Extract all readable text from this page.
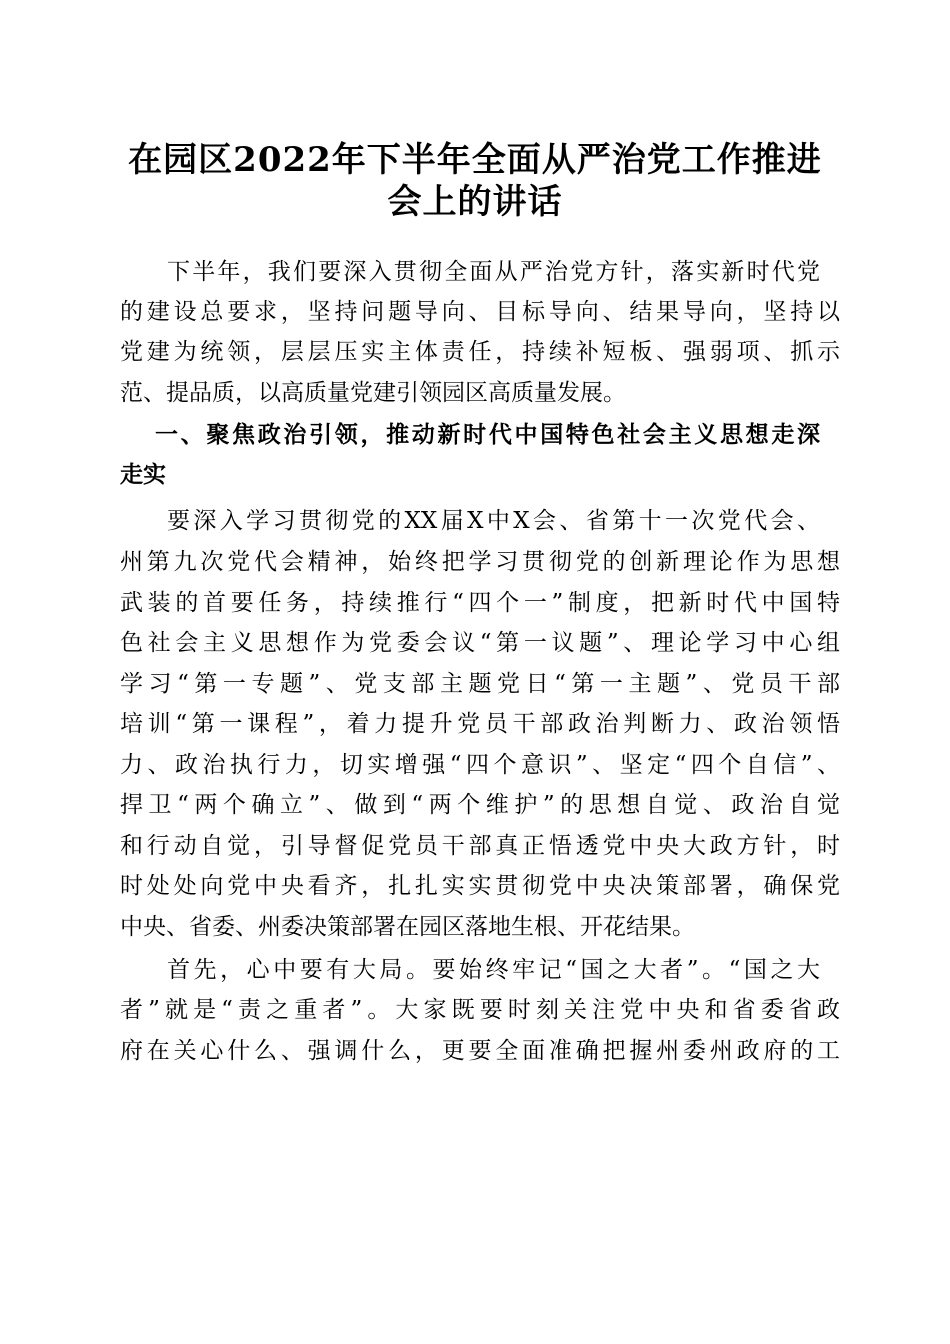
在园区2022年下半年全面从严治党工作推进
会上的讲话
下半年，我们要深入贯彻全面从严治党方针，落实新时代党
的建设总要求，坚持问题导向、目标导向、结果导向，坚持以
党建为统领，层层压实主体责任，持续补短板、强弱项、抓示
范、提品质，以高质量党建引领园区高质量发展。
一、聚焦政治引领，推动新时代中国特色社会主义思想走深
走实
要深入学习贯彻党的XX届X中X会、省第十一次党代会、
州第九次党代会精神，始终把学习贯彻党的创新理论作为思想
武装的首要任务，持续推行“四个一”制度，把新时代中国特
色社会主义思想作为党委会议“第一议题”、理论学习中心组
学习“第一专题”、党支部主题党日“第一主题”、党员干部
培训“第一课程”，着力提升党员干部政治判断力、政治领悟
力、政治执行力，切实增强“四个意识”、坚定“四个自信”、
捍卫“两个确立”、做到“两个维护”的思想自觉、政治自觉
和行动自觉，引导督促党员干部真正悟透党中央大政方针，时
时处处向党中央看齐，扎扎实实贯彻党中央决策部署，确保党
中央、省委、州委决策部署在园区落地生根、开花结果。
首先，心中要有大局。要始终牢记“国之大者”。“国之大
者”就是“责之重者”。大家既要时刻关注党中央和省委省政
府在关心什么、强调什么，更要全面准确把握州委州政府的工
